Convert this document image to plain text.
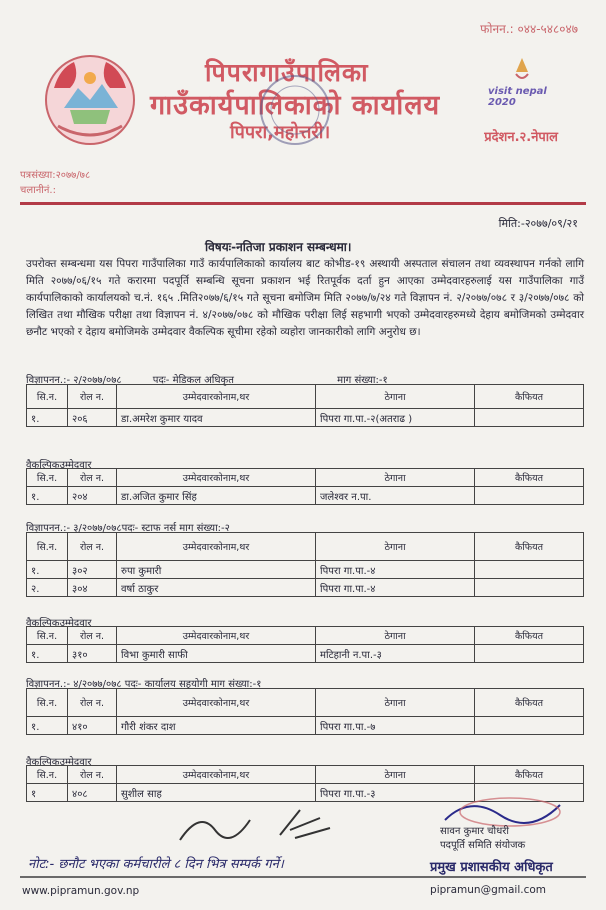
फोनन.: ०४४-५४८०४७
पिपरागाउँपालिका
गाउँकार्यपालिकाको कार्यालय
पिपरा,महोत्तरी।
visit nepal 2020
प्रदेशन.२.नेपाल
पत्रसंख्या:२०७७/७८
चलानीनं.:
मिति:-२०७७/०९/२१
विषयः-नतिजा प्रकाशन सम्बन्धमा।
उपरोक्त सम्बन्धमा यस पिपरा गाउँपालिका गाउँ कार्यपालिकाको कार्यालय बाट कोभीड-१९ अस्थायी अस्पताल संचालन तथा व्यवस्थापन गर्नको लागि मिति २०७७/०६/१५ गते करारमा पदपूर्ति सम्बन्धि सूचना प्रकाशन भई रितपूर्वक दर्ता हुन आएका उम्मेदवारहरुलाई यस गाउँपालिका गाउँ कार्यपालिकाको कार्यालयको च.नं. १६५ .मिति२०७७/६/१५ गते सूचना बमोजिम मिति २०७७/७/२४ गते विज्ञापन नं. २/२०७७/०७८ र ३/२०७७/०७८ को लिखित तथा मौखिक परीक्षा तथा विज्ञापन नं. ४/२०७७/०७८ को मौखिक परीक्षा लिई सहभागी भएको उम्मेदवारहरुमध्ये देहाय बमोजिमको उम्मेदवार छनौट भएको र देहाय बमोजिमके उम्मेदवार वैकल्पिक सूचीमा रहेको व्यहोरा जानकारीको लागि अनुरोध छ।
विज्ञापनन.:- २/२०७७/०७८	पदः- मेडिकल अधिकृत	माग संख्या:-१
सि.न.	रोल न.	उम्मेदवारकोनाम,थर	ठेगाना	कैफियत
१.	२०६	डा.अमरेश कुमार यादव	पिपरा गा.पा.-२(अतराढ )	
वैकल्पिकउम्मेदवार
सि.न.	रोल न.	उम्मेदवारकोनाम,थर	ठेगाना	कैफियत
१.	२०४	डा.अजित कुमार सिंह	जलेश्वर न.पा.	
विज्ञापनन.:- ३/२०७७/०७८पदः- स्टाफ नर्स माग संख्या:-२
सि.न.	रोल न.	उम्मेदवारकोनाम,थर	ठेगाना	कैफियत
१.	३०२	रुपा कुमारी	पिपरा गा.पा.-४	
२.	३०४	वर्षा ठाकुर	पिपरा गा.पा.-४	
वैकल्पिकउम्मेदवार
सि.न.	रोल न.	उम्मेदवारकोनाम,थर	ठेगाना	कैफियत
१.	३१०	विभा कुमारी साफी	मटिहानी न.पा.-३	
विज्ञापनन.:- ४/२०७७/०७८ पदः- कार्यालय सहयोगी माग संख्या:-१
सि.न.	रोल न.	उम्मेदवारकोनाम,थर	ठेगाना	कैफियत
१.	४१०	गौरी शंकर दाश	पिपरा गा.पा.-७	
वैकल्पिकउम्मेदवार
सि.न.	रोल न.	उम्मेदवारकोनाम,थर	ठेगाना	कैफियत
१	४०८	सुशील साह	पिपरा गा.पा.-३	
सावन कुमार चौधरी
पदपूर्ति समिति संयोजक
प्रमुख प्रशासकीय अधिकृत
नोट:- छनौट भएका कर्मचारीले ८ दिन भित्र सम्पर्क गर्ने।
www.pipramun.gov.np	pipramun@gmail.com
